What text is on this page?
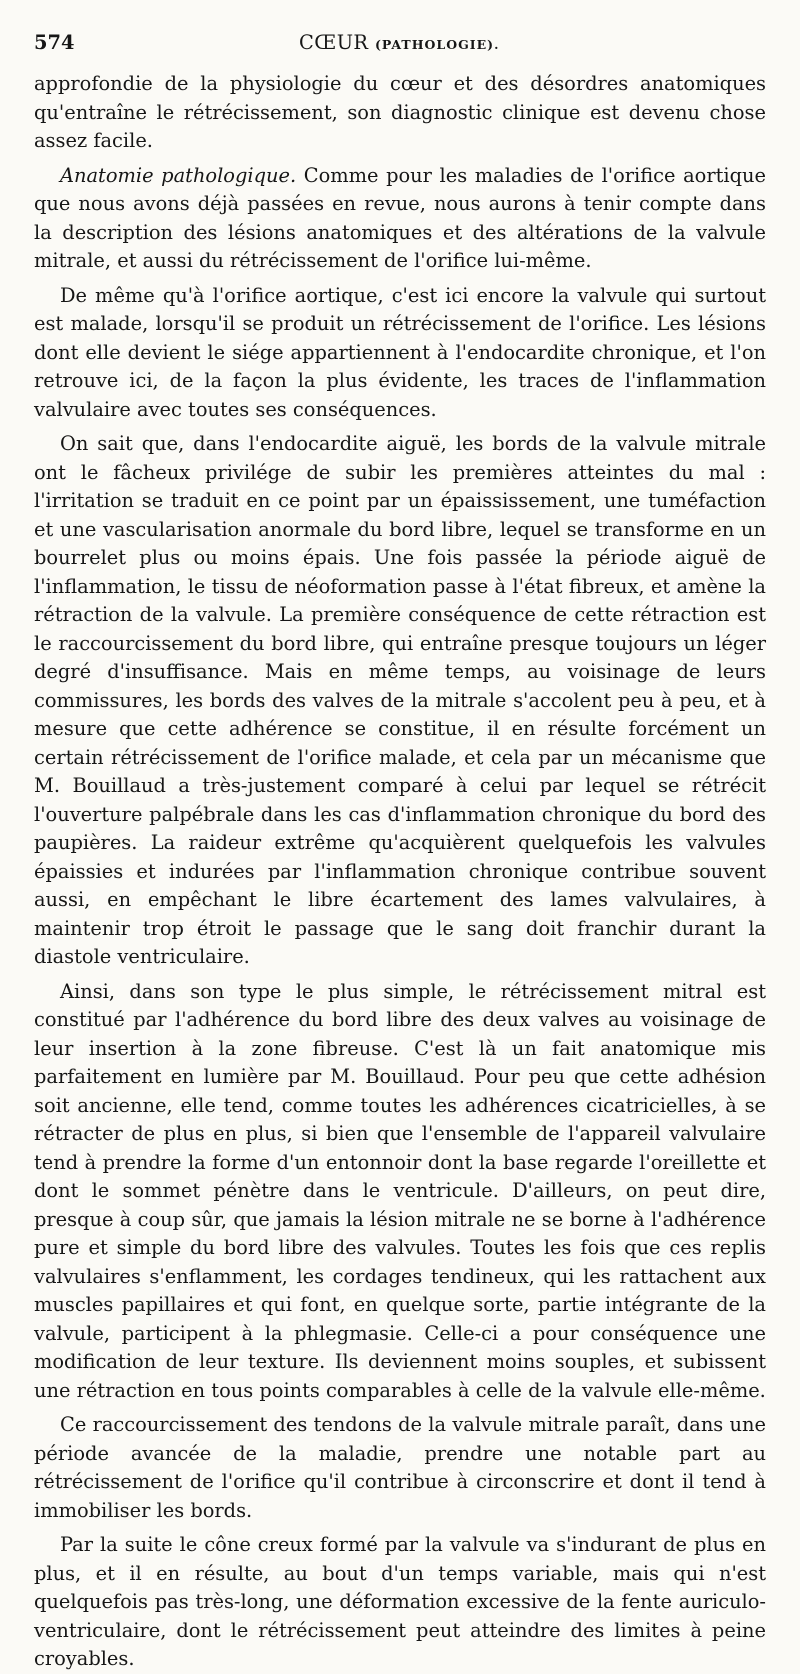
574	CŒUR (PATHOLOGIE).

approfondie de la physiologie du cœur et des désordres anatomiques qu'entraîne le rétrécissement, son diagnostic clinique est devenu chose assez facile.

Anatomie pathologique. Comme pour les maladies de l'orifice aortique que nous avons déjà passées en revue, nous aurons à tenir compte dans la description des lésions anatomiques et des altérations de la valvule mitrale, et aussi du rétrécissement de l'orifice lui-même.

De même qu'à l'orifice aortique, c'est ici encore la valvule qui surtout est malade, lorsqu'il se produit un rétrécissement de l'orifice. Les lésions dont elle devient le siége appartiennent à l'endocardite chronique, et l'on retrouve ici, de la façon la plus évidente, les traces de l'inflammation valvulaire avec toutes ses conséquences.

On sait que, dans l'endocardite aiguë, les bords de la valvule mitrale ont le fâcheux privilége de subir les premières atteintes du mal : l'irritation se traduit en ce point par un épaississement, une tuméfaction et une vascularisation anormale du bord libre, lequel se transforme en un bourrelet plus ou moins épais. Une fois passée la période aiguë de l'inflammation, le tissu de néoformation passe à l'état fibreux, et amène la rétraction de la valvule. La première conséquence de cette rétraction est le raccourcissement du bord libre, qui entraîne presque toujours un léger degré d'insuffisance. Mais en même temps, au voisinage de leurs commissures, les bords des valves de la mitrale s'accolent peu à peu, et à mesure que cette adhérence se constitue, il en résulte forcément un certain rétrécissement de l'orifice malade, et cela par un mécanisme que M. Bouillaud a très-justement comparé à celui par lequel se rétrécit l'ouverture palpébrale dans les cas d'inflammation chronique du bord des paupières. La raideur extrême qu'acquièrent quelquefois les valvules épaissies et indurées par l'inflammation chronique contribue souvent aussi, en empêchant le libre écartement des lames valvulaires, à maintenir trop étroit le passage que le sang doit franchir durant la diastole ventriculaire.

Ainsi, dans son type le plus simple, le rétrécissement mitral est constitué par l'adhérence du bord libre des deux valves au voisinage de leur insertion à la zone fibreuse. C'est là un fait anatomique mis parfaitement en lumière par M. Bouillaud. Pour peu que cette adhésion soit ancienne, elle tend, comme toutes les adhérences cicatricielles, à se rétracter de plus en plus, si bien que l'ensemble de l'appareil valvulaire tend à prendre la forme d'un entonnoir dont la base regarde l'oreillette et dont le sommet pénètre dans le ventricule. D'ailleurs, on peut dire, presque à coup sûr, que jamais la lésion mitrale ne se borne à l'adhérence pure et simple du bord libre des valvules. Toutes les fois que ces replis valvulaires s'enflamment, les cordages tendineux, qui les rattachent aux muscles papillaires et qui font, en quelque sorte, partie intégrante de la valvule, participent à la phlegmasie. Celle-ci a pour conséquence une modification de leur texture. Ils deviennent moins souples, et subissent une rétraction en tous points comparables à celle de la valvule elle-même.

Ce raccourcissement des tendons de la valvule mitrale paraît, dans une période avancée de la maladie, prendre une notable part au rétrécissement de l'orifice qu'il contribue à circonscrire et dont il tend à immobiliser les bords.

Par la suite le cône creux formé par la valvule va s'indurant de plus en plus, et il en résulte, au bout d'un temps variable, mais qui n'est quelquefois pas très-long, une déformation excessive de la fente auriculo-ventriculaire, dont le rétrécissement peut atteindre des limites à peine croyables.
